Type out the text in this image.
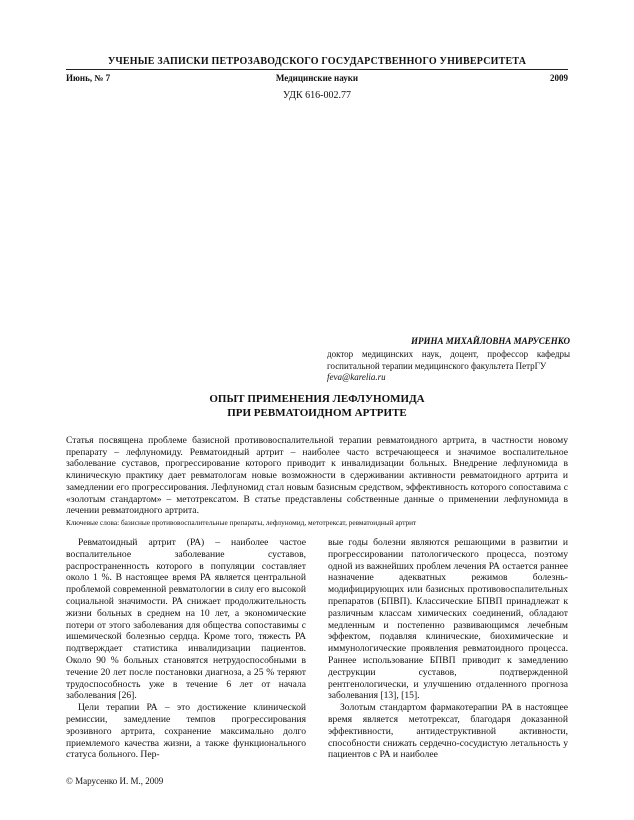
УЧЕНЫЕ ЗАПИСКИ ПЕТРОЗАВОДСКОГО ГОСУДАРСТВЕННОГО УНИВЕРСИТЕТА
Июнь, № 7	Медицинские науки	2009
УДК 616-002.77
ИРИНА МИХАЙЛОВНА МАРУСЕНКО
доктор медицинских наук, доцент, профессор кафедры госпитальной терапии медицинского факультета ПетрГУ
feva@karelia.ru
ОПЫТ ПРИМЕНЕНИЯ ЛЕФЛУНОМИДА
ПРИ РЕВМАТОИДНОМ АРТРИТЕ
Статья посвящена проблеме базисной противовоспалительной терапии ревматоидного артрита, в частности новому препарату – лефлуномиду. Ревматоидный артрит – наиболее часто встречающееся и значимое воспалительное заболевание суставов, прогрессирование которого приводит к инвалидизации больных. Внедрение лефлуномида в клиническую практику дает ревматологам новые возможности в сдерживании активности ревматоидного артрита и замедлении его прогрессирования. Лефлуномид стал новым базисным средством, эффективность которого сопоставима с «золотым стандартом» – метотрексатом. В статье представлены собственные данные о применении лефлуномида в лечении ревматоидного артрита.
Ключевые слова: базисные противовоспалительные препараты, лефлуномид, метотрексат, ревматоидный артрит

Ревматоидный артрит (РА) – наиболее частое воспалительное заболевание суставов, распространенность которого в популяции составляет около 1 %. В настоящее время РА является центральной проблемой современной ревматологии в силу его высокой социальной значимости. РА снижает продолжительность жизни больных в среднем на 10 лет, а экономические потери от этого заболевания для общества сопоставимы с ишемической болезнью сердца. Кроме того, тяжесть РА подтверждает статистика инвалидизации пациентов. Около 90 % больных становятся нетрудоспособными в течение 20 лет после постановки диагноза, а 25 % теряют трудоспособность уже в течение 6 лет от начала заболевания [26].

Цели терапии РА – это достижение клинической ремиссии, замедление темпов прогрессирования эрозивного артрита, сохранение максимально долго приемлемого качества жизни, а также функционального статуса больного. Пер-

вые годы болезни являются решающими в развитии и прогрессировании патологического процесса, поэтому одной из важнейших проблем лечения РА остается раннее назначение адекватных режимов болезнь-модифицирующих или базисных противовоспалительных препаратов (БПВП). Классические БПВП принадлежат к различным классам химических соединений, обладают медленным и постепенно развивающимся лечебным эффектом, подавляя клинические, биохимические и иммунологические проявления ревматоидного процесса. Раннее использование БПВП приводит к замедлению деструкции суставов, подтвержденной рентгенологически, и улучшению отдаленного прогноза заболевания [13], [15].

Золотым стандартом фармакотерапии РА в настоящее время является метотрексат, благодаря доказанной эффективности, антидеструктивной активности, способности снижать сердечно-сосудистую летальность у пациентов с РА и наиболее

© Марусенко И. М., 2009
